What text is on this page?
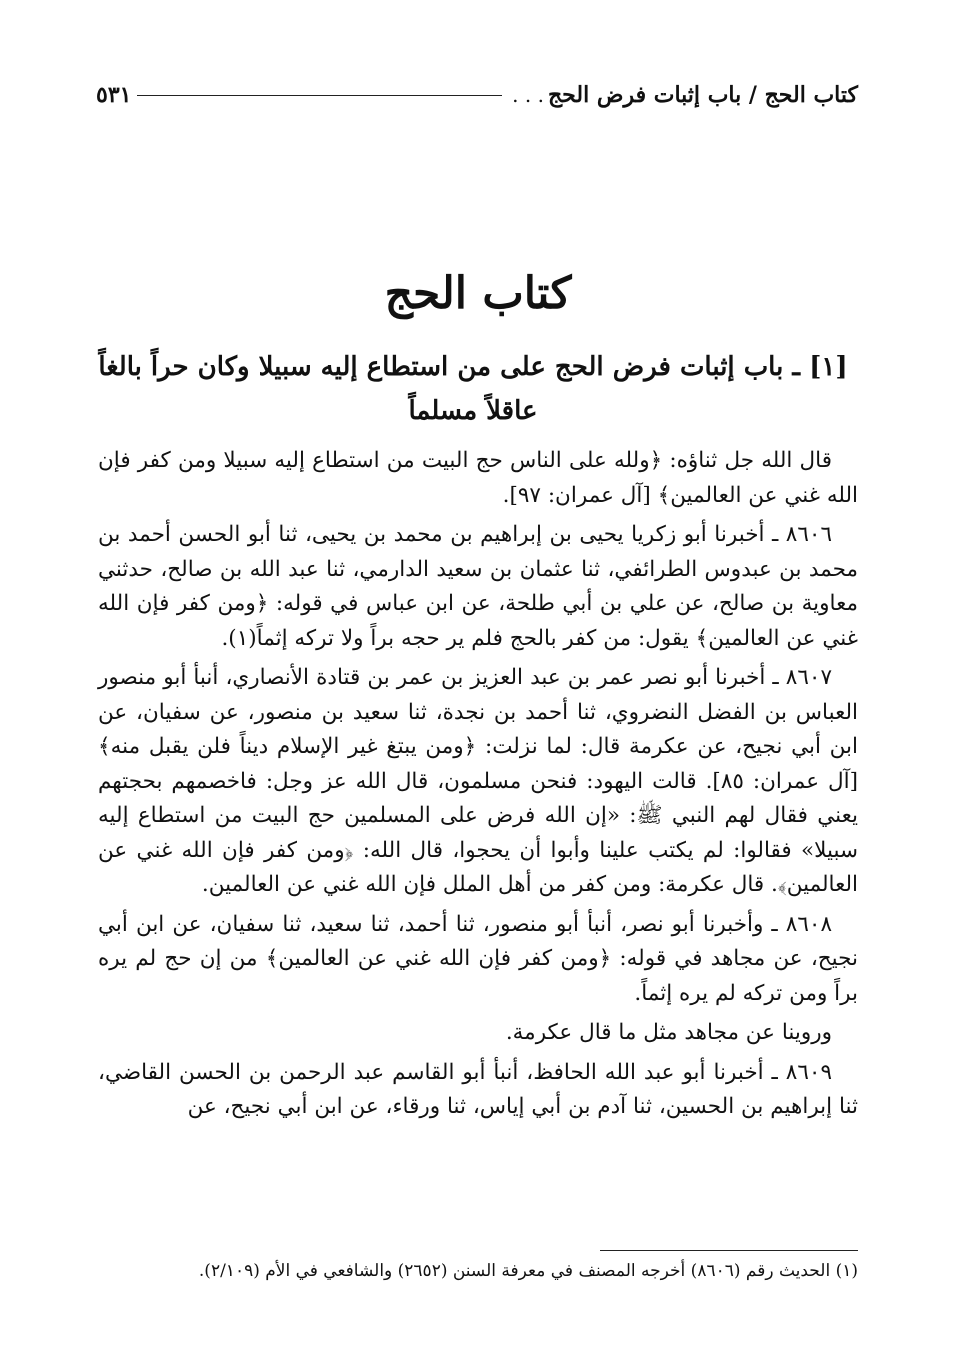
كتاب الحج / باب إثبات فرض الحج
. . .
٥٣١
كتاب الحج
[١] ـ باب إثبات فرض الحج على من استطاع إليه سبيلا وكان حراً بالغاً عاقلاً مسلماً

قال الله جل ثناؤه: ﴿ولله على الناس حج البيت من استطاع إليه سبيلا ومن كفر فإن الله غني عن العالمين﴾ [آل عمران: ٩٧].

٨٦٠٦ ـ أخبرنا أبو زكريا يحيى بن إبراهيم بن محمد بن يحيى، ثنا أبو الحسن أحمد بن محمد بن عبدوس الطرائفي، ثنا عثمان بن سعيد الدارمي، ثنا عبد الله بن صالح، حدثني معاوية بن صالح، عن علي بن أبي طلحة، عن ابن عباس في قوله: ﴿ومن كفر فإن الله غني عن العالمين﴾ يقول: من كفر بالحج فلم ير حجه براً ولا تركه إثماً(١).

٨٦٠٧ ـ أخبرنا أبو نصر عمر بن عبد العزيز بن عمر بن قتادة الأنصاري، أنبأ أبو منصور العباس بن الفضل النضروي، ثنا أحمد بن نجدة، ثنا سعيد بن منصور، عن سفيان، عن ابن أبي نجيح، عن عكرمة قال: لما نزلت: ﴿ومن يبتغ غير الإسلام ديناً فلن يقبل منه﴾ [آل عمران: ٨٥]. قالت اليهود: فنحن مسلمون، قال الله عز وجل: فاخصمهم بحجتهم يعني فقال لهم النبي ﷺ: «إن الله فرض على المسلمين حج البيت من استطاع إليه سبيلا» فقالوا: لم يكتب علينا وأبوا أن يحجوا، قال الله: ﴿ومن كفر فإن الله غني عن العالمين﴾. قال عكرمة: ومن كفر من أهل الملل فإن الله غني عن العالمين.

٨٦٠٨ ـ وأخبرنا أبو نصر، أنبأ أبو منصور، ثنا أحمد، ثنا سعيد، ثنا سفيان، عن ابن أبي نجيح، عن مجاهد في قوله: ﴿ومن كفر فإن الله غني عن العالمين﴾ من إن حج لم يره براً ومن تركه لم يره إثماً.

وروينا عن مجاهد مثل ما قال عكرمة.

٨٦٠٩ ـ أخبرنا أبو عبد الله الحافظ، أنبأ أبو القاسم عبد الرحمن بن الحسن القاضي، ثنا إبراهيم بن الحسين، ثنا آدم بن أبي إياس، ثنا ورقاء، عن ابن أبي نجيح، عن

(١) الحديث رقم (٨٦٠٦) أخرجه المصنف في معرفة السنن (٢٦٥٢) والشافعي في الأم (٢/١٠٩).
